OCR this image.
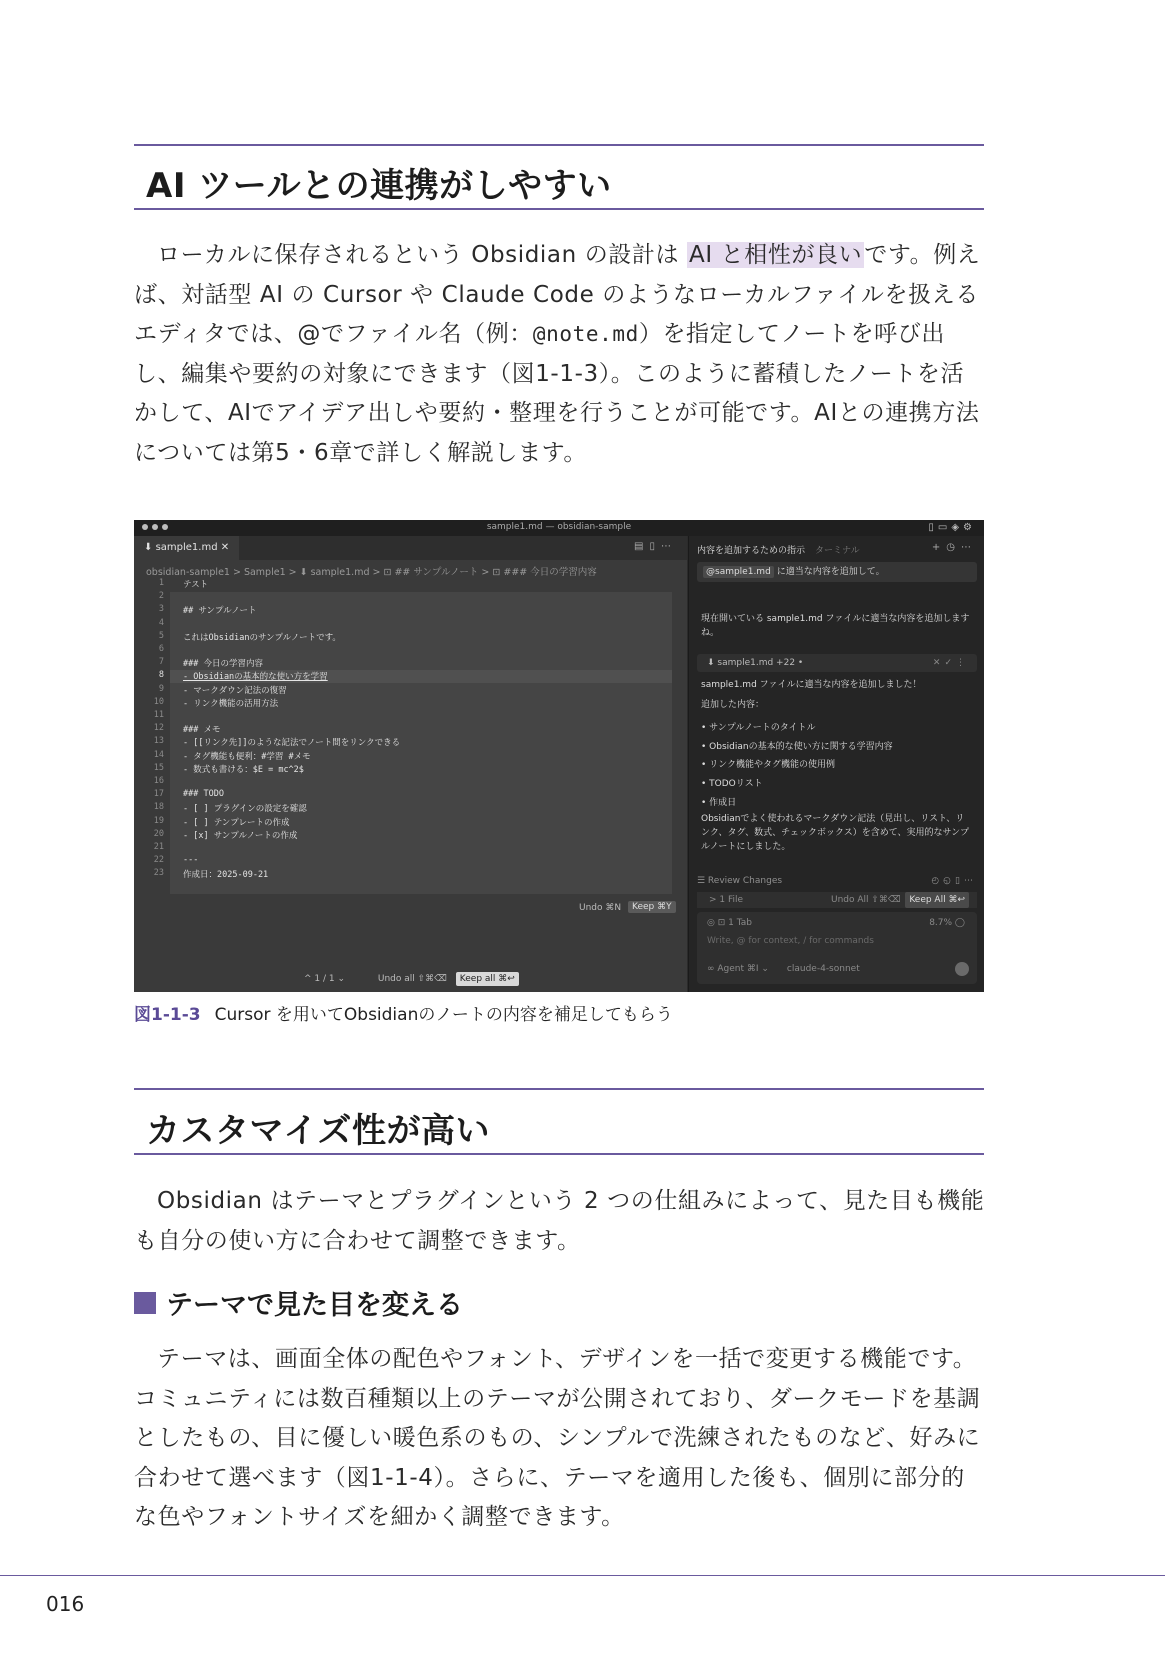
AI ツールとの連携がしやすい

ローカルに保存されるという Obsidian の設計は AI と相性が良いです。例えば、対話型 AI の Cursor や Claude Code のようなローカルファイルを扱えるエディタでは、@でファイル名（例：@note.md）を指定してノートを呼び出し、編集や要約の対象にできます（図1-1-3）。このように蓄積したノートを活かして、AIでアイデア出しや要約・整理を行うことが可能です。AIとの連携方法については第5・6章で詳しく解説します。

sample1.md — obsidian-sample	▯▭◈⚙
⬇ sample1.md ✕	▤▯⋯
obsidian-sample1 > Sample1 > ⬇ sample1.md > ⊡ ## サンプルノート > ⊡ ### 今日の学習内容
1 テスト
2
3 ## サンプルノート
4
5 これはObsidianのサンプルノートです。
6
7 ### 今日の学習内容
8 - Obsidianの基本的な使い方を学習
9 - マークダウン記法の復習
10 - リンク機能の活用方法
11
12 ### メモ
13 - [[リンク先]]のような記法でノート間をリンクできる
14 - タグ機能も便利：#学習 #メモ
15 - 数式も書ける：$E = mc^2$
16
17 ### TODO
18 - [ ] プラグインの設定を確認
19 - [ ] テンプレートの作成
20 - [x] サンプルノートの作成
21
22 ---
23 作成日：2025-09-21
Undo ⌘N	Keep ⌘Y
^ 1 / 1 ⌄	Undo all ⇧⌘⌫ Keep all ⌘↩
内容を追加するための指示 ターミナル	+◷⋯
@sample1.md に適当な内容を追加して。
現在開いている sample1.md ファイルに適当な内容を追加しますね。
⬇ sample1.md +22 •	✕✓⋮
sample1.md ファイルに適当な内容を追加しました！
追加した内容：
• サンプルノートのタイトル
• Obsidianの基本的な使い方に関する学習内容
• リンク機能やタグ機能の使用例
• TODOリスト
• 作成日
Obsidianでよく使われるマークダウン記法（見出し、リスト、リンク、タグ、数式、チェックボックス）を含めて、実用的なサンプルノートにしました。
☰ Review Changes	◴◵▯⋯
> 1 File	Undo All ⇧⌘⌫ Keep All ⌘↩
◎ ⊡ 1 Tab	8.7% ◯
Write, @ for context, / for commands
∞ Agent ⌘I ⌄ claude-4-sonnet
図1-1-3 Cursor を用いてObsidianのノートの内容を補足してもらう
カスタマイズ性が高い

Obsidian はテーマとプラグインという 2 つの仕組みによって、見た目も機能も自分の使い方に合わせて調整できます。

テーマで見た目を変える

テーマは、画面全体の配色やフォント、デザインを一括で変更する機能です。コミュニティには数百種類以上のテーマが公開されており、ダークモードを基調としたもの、目に優しい暖色系のもの、シンプルで洗練されたものなど、好みに合わせて選べます（図1-1-4）。さらに、テーマを適用した後も、個別に部分的な色やフォントサイズを細かく調整できます。

016
